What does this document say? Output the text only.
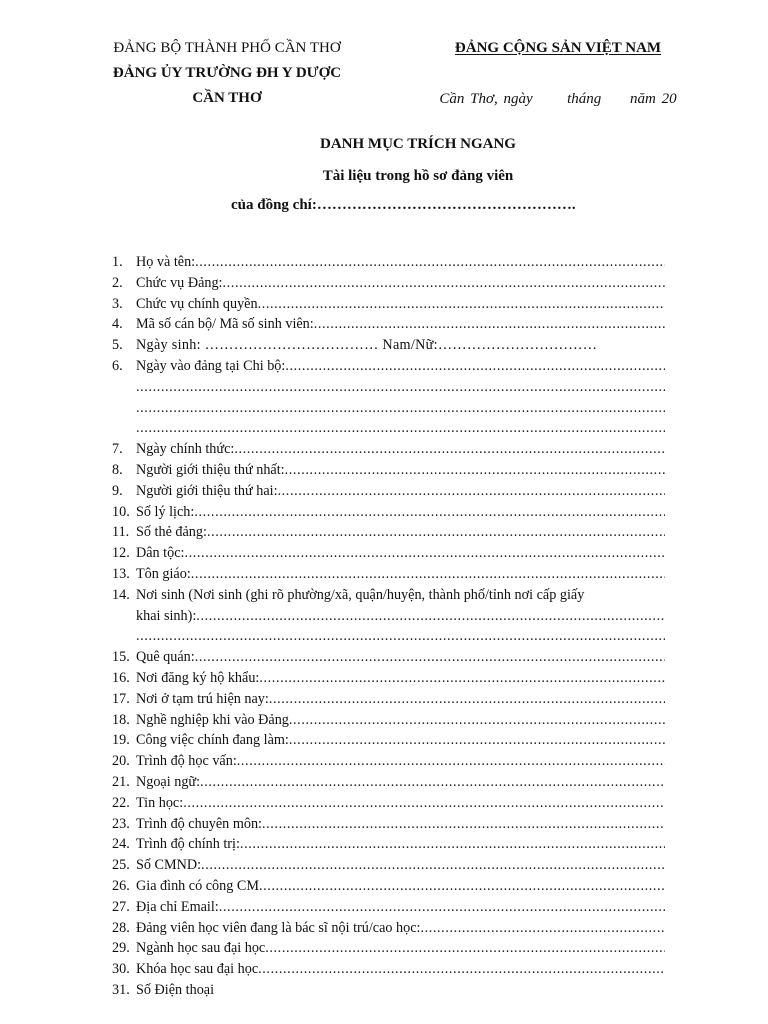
ĐẢNG BỘ THÀNH PHỐ CẦN THƠ
ĐẢNG ỦY TRƯỜNG ĐH Y DƯỢC
CẦN THƠ
ĐẢNG CỘNG SẢN VIỆT NAM
Cần Thơ, ngày      tháng     năm 20
DANH MỤC TRÍCH NGANG
Tài liệu trong hồ sơ đảng viên
của đồng chí:…………………………………………….
1. Họ và tên:
.....
2. Chức vụ Đảng:
.....
3. Chức vụ chính quyền
.....
4. Mã số cán bộ/ Mã số sinh viên:
.....
5. Ngày sinh: ……………………………… Nam/Nữ:……………………………
6. Ngày vào đảng tại Chi bộ:
.....
.....
.....
.....
7. Ngày chính thức:
.....
8. Người giới thiệu thứ nhất:
.....
9. Người giới thiệu thứ hai:
.....
10. Số lý lịch:
.....
11. Số thẻ đảng:
.....
12. Dân tộc:
.....
13. Tôn giáo:
.....
14. Nơi sinh (Nơi sinh (ghi rõ phường/xã, quận/huyện, thành phố/tỉnh nơi cấp giấy
khai sinh):
.....
.....
15. Quê quán:
.....
16. Nơi đăng ký hộ khẩu:
.....
17. Nơi ở tạm trú hiện nay:
.....
18. Nghề nghiệp khi vào Đảng
.....
19. Công việc chính đang làm:
.....
20. Trình độ học vấn:
.....
21. Ngoại ngữ:
.....
22. Tin học:
.....
23. Trình độ chuyên môn:
.....
24. Trình độ chính trị:
.....
25. Số CMND:
.....
26. Gia đình có công CM
.....
27. Địa chỉ Email:
.....
28. Đảng viên học viên đang là bác sĩ nội trú/cao học:
.....
29. Ngành học sau đại học
.....
30. Khóa học sau đại học
.....
31. Số Điện thoại
